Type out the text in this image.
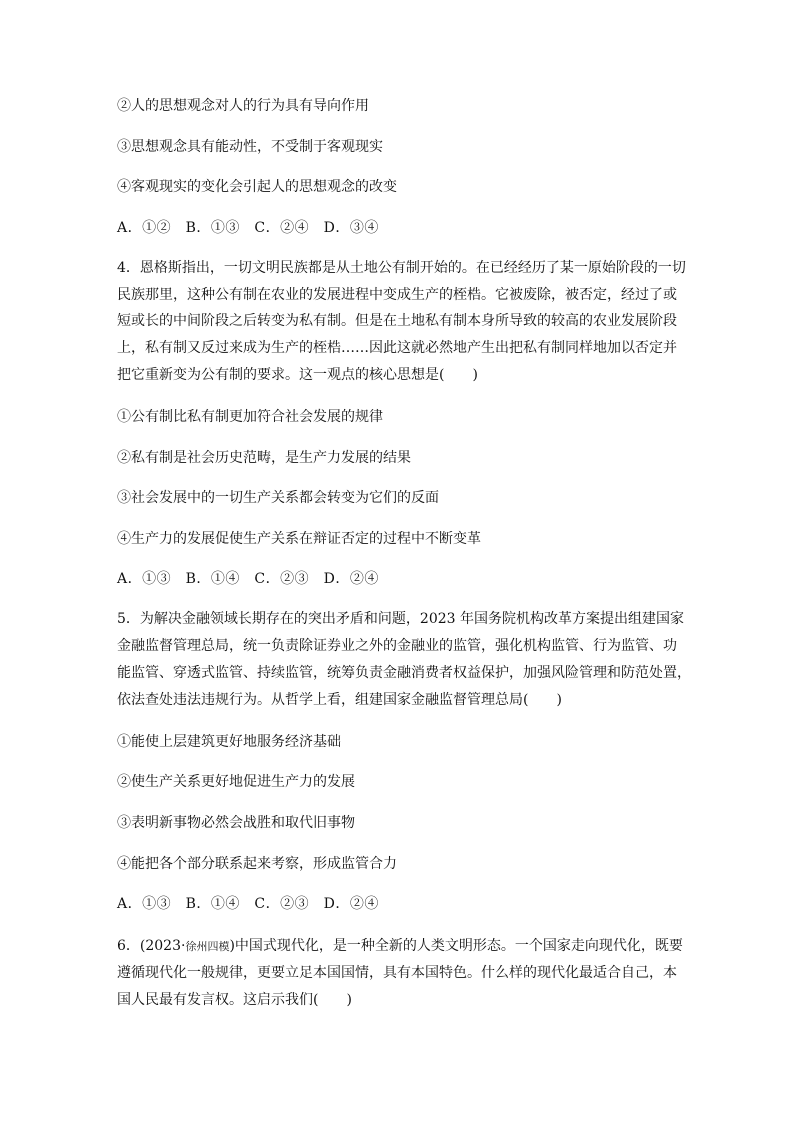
②人的思想观念对人的行为具有导向作用
③思想观念具有能动性，不受制于客观现实
④客观现实的变化会引起人的思想观念的改变
A．①②　B．①③　C．②④　D．③④
4．恩格斯指出，一切文明民族都是从土地公有制开始的。在已经经历了某一原始阶段的一切
民族那里，这种公有制在农业的发展进程中变成生产的桎梏。它被废除，被否定，经过了或
短或长的中间阶段之后转变为私有制。但是在土地私有制本身所导致的较高的农业发展阶段
上，私有制又反过来成为生产的桎梏……因此这就必然地产生出把私有制同样地加以否定并
把它重新变为公有制的要求。这一观点的核心思想是(　　)
①公有制比私有制更加符合社会发展的规律
②私有制是社会历史范畴，是生产力发展的结果
③社会发展中的一切生产关系都会转变为它们的反面
④生产力的发展促使生产关系在辩证否定的过程中不断变革
A．①③　B．①④　C．②③　D．②④
5．为解决金融领域长期存在的突出矛盾和问题，2023 年国务院机构改革方案提出组建国家
金融监督管理总局，统一负责除证券业之外的金融业的监管，强化机构监管、行为监管、功
能监管、穿透式监管、持续监管，统筹负责金融消费者权益保护，加强风险管理和防范处置，
依法查处违法违规行为。从哲学上看，组建国家金融监督管理总局(　　)
①能使上层建筑更好地服务经济基础
②使生产关系更好地促进生产力的发展
③表明新事物必然会战胜和取代旧事物
④能把各个部分联系起来考察，形成监管合力
A．①③　B．①④　C．②③　D．②④
6．(2023·徐州四模)中国式现代化，是一种全新的人类文明形态。一个国家走向现代化，既要
遵循现代化一般规律，更要立足本国国情，具有本国特色。什么样的现代化最适合自己，本
国人民最有发言权。这启示我们(　　)
